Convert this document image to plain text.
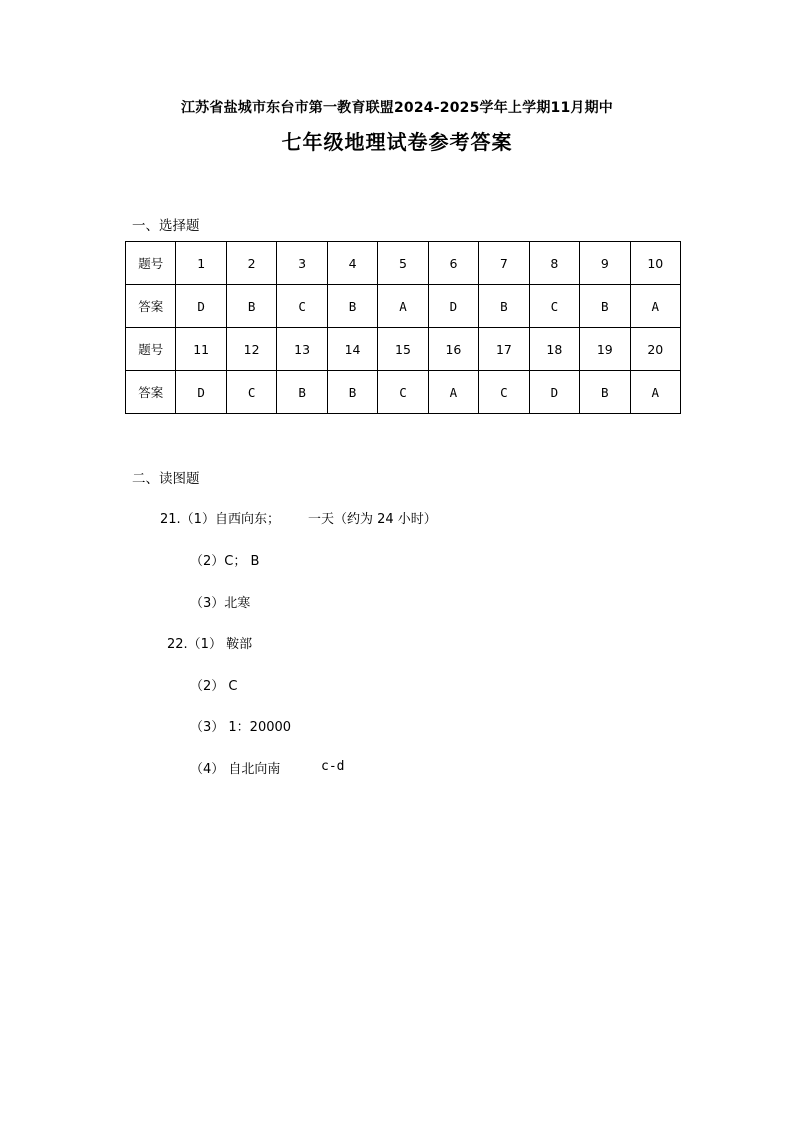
江苏省盐城市东台市第一教育联盟2024-2025学年上学期11月期中
七年级地理试卷参考答案
一、选择题
题号	1	2	3	4	5	6	7	8	9	10
答案	D	B	C	B	A	D	B	C	B	A
题号	11	12	13	14	15	16	17	18	19	20
答案	D	C	B	B	C	A	C	D	B	A
二、读图题
21.（1）自西向东； 一天（约为 24 小时）
（2）C； B
（3）北寒
22.（1） 鞍部
（2） C
（3） 1：20000
（4） 自北向南	c-d
